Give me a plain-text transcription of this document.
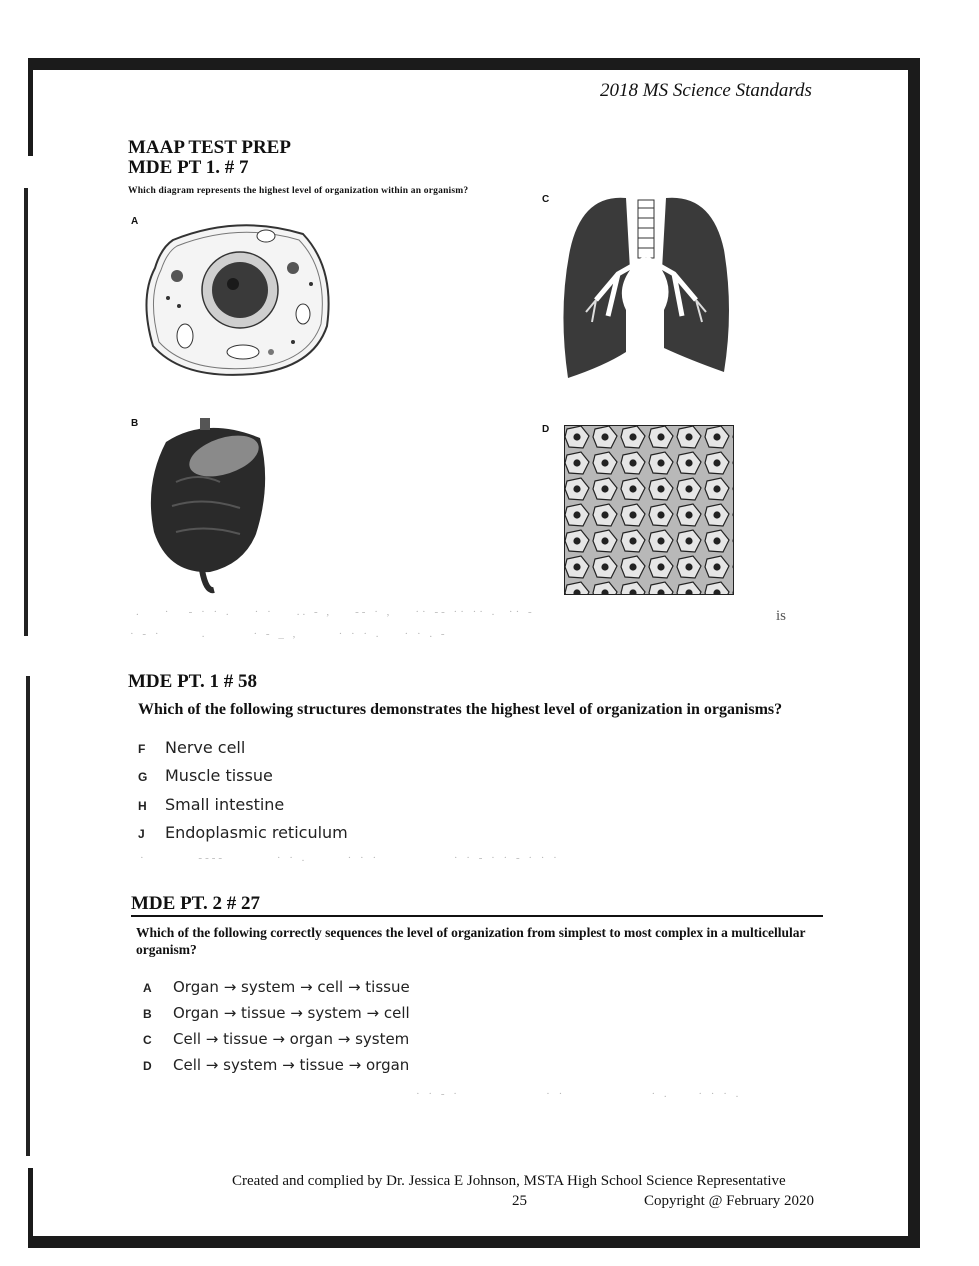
2018 MS Science Standards
MAAP TEST PREP
MDE PT 1. # 7
Which diagram represents the highest level of organization within an organism?
A
B
C
D
.    ·   - · · .    · ·    .. - ,    -- · ,    ·· -- ·· ·· .  ·· -	is
· - ·       .        · - _ ,       · · · .    · · . -
MDE PT. 1 # 58
Which of the following structures demonstrates the highest level of organization in organisms?
F Nerve cell
G Muscle tissue
H Small intestine
J Endoplasmic reticulum
·         ----         · · .       · · ·             · · - · · - · · ·
MDE PT. 2 # 27
Which of the following correctly sequences the level of organization from simplest to most complex in a multicellular organism?
A Organ → system → cell → tissue
B Organ → tissue → system → cell
C Cell → tissue → organ → system
D Cell → system → tissue → organ
· · - ·               · ·               · .     · · · .
Created and complied by Dr. Jessica E Johnson, MSTA High School Science Representative
25	Copyright @ February 2020
